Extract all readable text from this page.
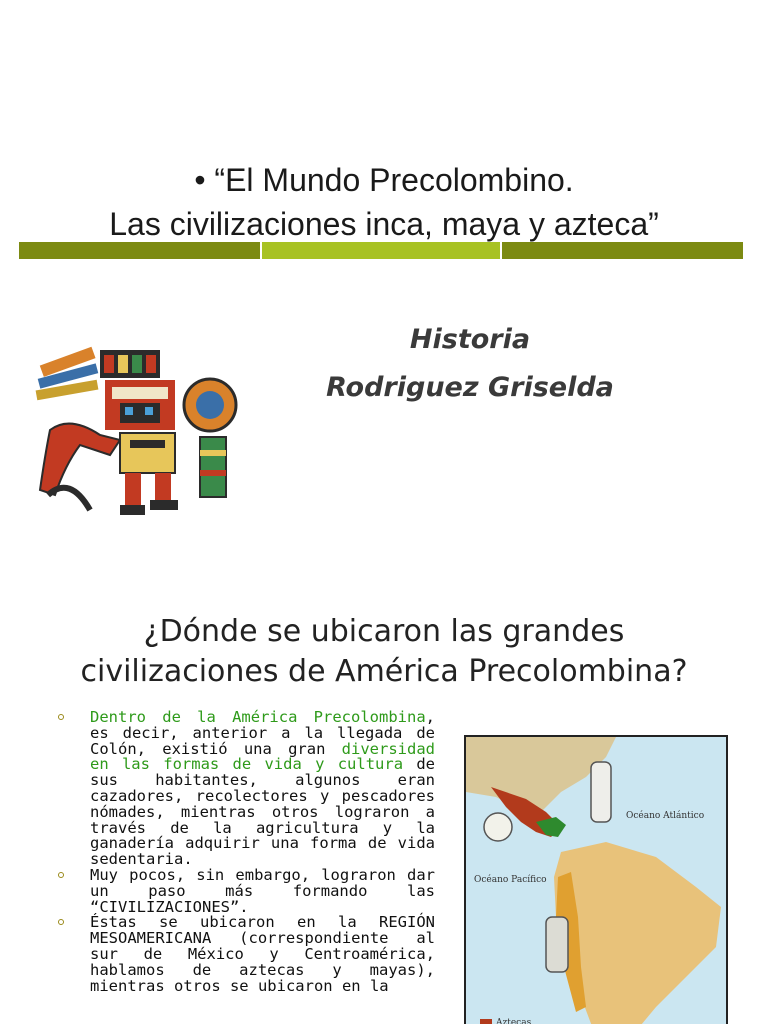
• “El Mundo Precolombino.
Las civilizaciones inca, maya y azteca”
Historia
Rodriguez Griselda
¿Dónde se ubicaron las grandes
civilizaciones de América Precolombina?
Dentro de la América Precolombina, es decir, anterior a la llegada de Colón, existió una gran diversidad en las formas de vida y cultura de sus habitantes, algunos eran cazadores, recolectores y pescadores nómades, mientras otros lograron a través de la agricultura y la ganadería adquirir una forma de vida sedentaria.
Muy pocos, sin embargo, lograron dar un paso más formando las “CIVILIZACIONES”.
Éstas se ubicaron en la REGIÓN MESOAMERICANA (correspondiente al sur de México y Centroamérica, hablamos de aztecas y mayas), mientras otros se ubicaron en la
Océano Atlántico
Océano Pacífico
Aztecas
